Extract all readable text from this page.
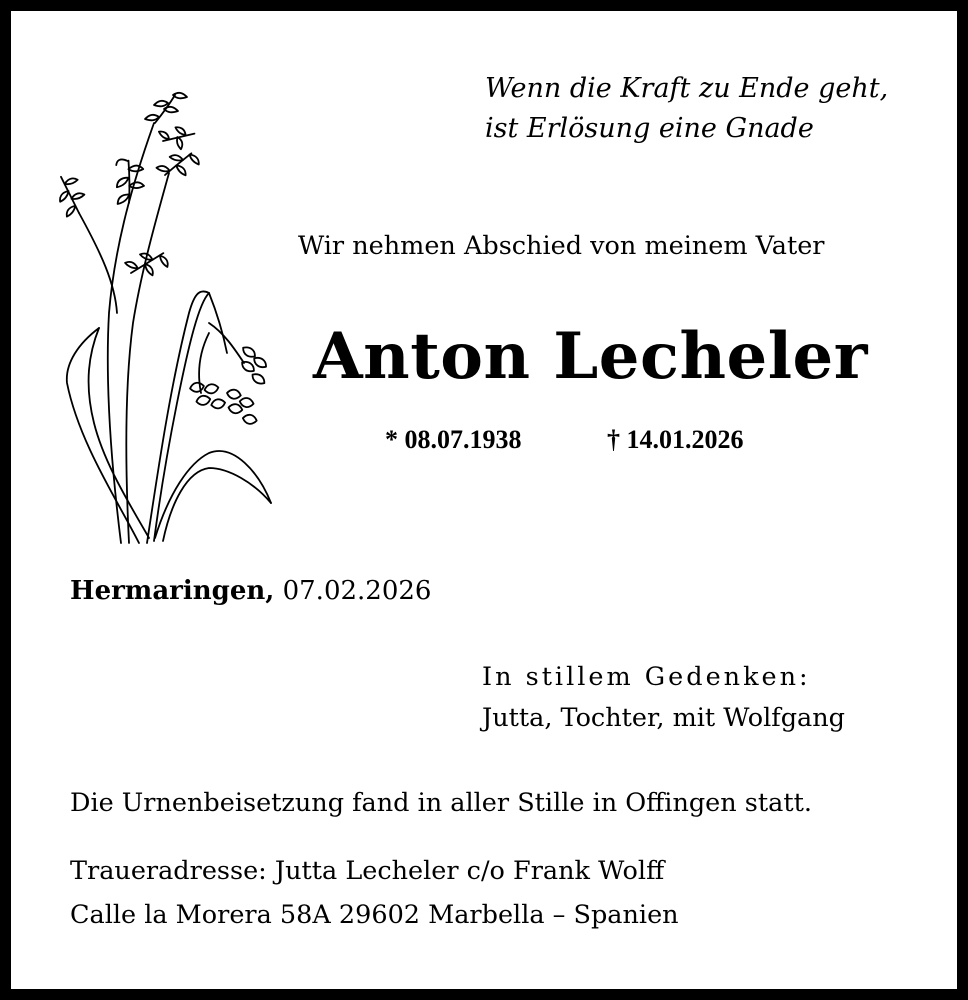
Wenn die Kraft zu Ende geht,
ist Erlösung eine Gnade
Wir nehmen Abschied von meinem Vater
Anton Lecheler
* 08.07.1938	† 14.01.2026
Hermaringen, 07.02.2026
In stillem Gedenken:
Jutta, Tochter, mit Wolfgang
Die Urnenbeisetzung fand in aller Stille in Offingen statt.
Traueradresse: Jutta Lecheler c/o Frank Wolff
Calle la Morera 58A 29602 Marbella – Spanien
